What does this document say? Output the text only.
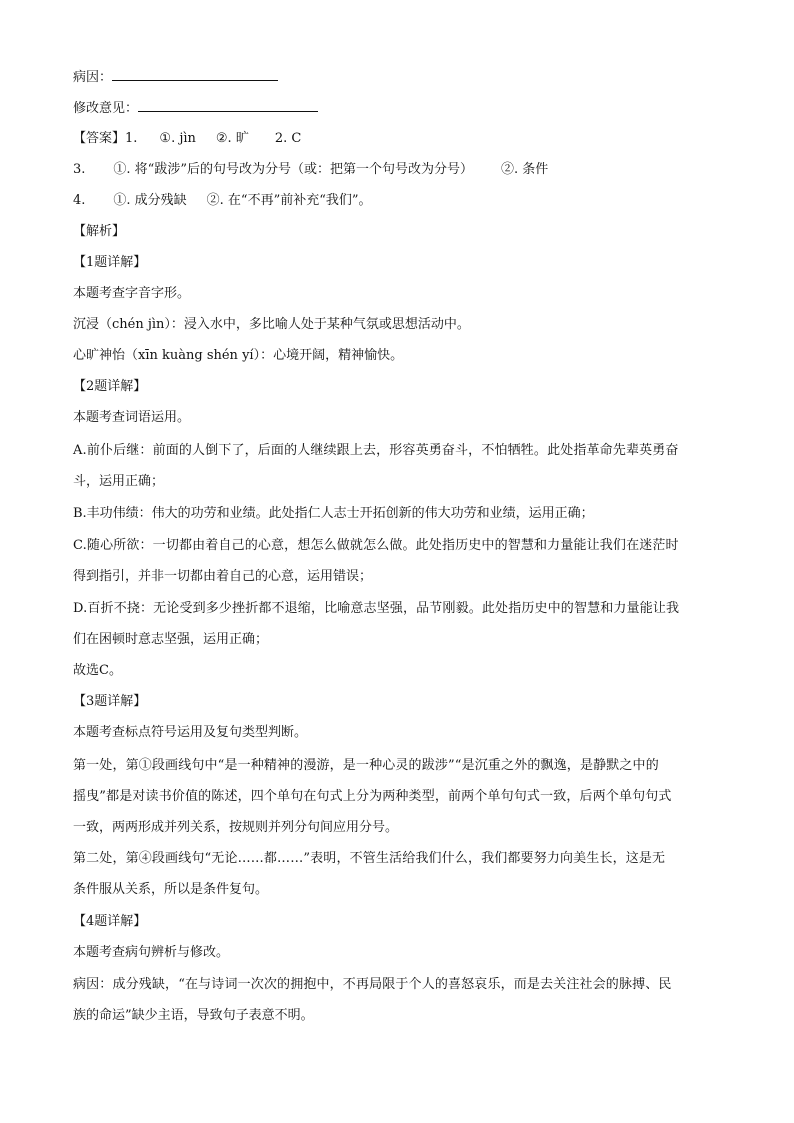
病因：
修改意见：
【答案】1. ①. jìn ②. 旷 2. C
3. ①. 将“跋涉”后的句号改为分号（或：把第一个句号改为分号） ②. 条件
4. ①. 成分残缺 ②. 在“不再”前补充“我们”。
【解析】
【1题详解】
本题考查字音字形。
沉浸（chén jìn）：浸入水中，多比喻人处于某种气氛或思想活动中。
心旷神怡（xīn kuàng shén yí）：心境开阔，精神愉快。
【2题详解】
本题考查词语运用。
A.前仆后继：前面的人倒下了，后面的人继续跟上去，形容英勇奋斗，不怕牺牲。此处指革命先辈英勇奋
斗，运用正确；
B.丰功伟绩：伟大的功劳和业绩。此处指仁人志士开拓创新的伟大功劳和业绩，运用正确；
C.随心所欲：一切都由着自己的心意，想怎么做就怎么做。此处指历史中的智慧和力量能让我们在迷茫时
得到指引，并非一切都由着自己的心意，运用错误；
D.百折不挠：无论受到多少挫折都不退缩，比喻意志坚强，品节刚毅。此处指历史中的智慧和力量能让我
们在困顿时意志坚强，运用正确；
故选C。
【3题详解】
本题考查标点符号运用及复句类型判断。
第一处，第①段画线句中“是一种精神的漫游，是一种心灵的跋涉”“是沉重之外的飘逸，是静默之中的
摇曳”都是对读书价值的陈述，四个单句在句式上分为两种类型，前两个单句句式一致，后两个单句句式
一致，两两形成并列关系，按规则并列分句间应用分号。
第二处，第④段画线句“无论……都……”表明，不管生活给我们什么，我们都要努力向美生长，这是无
条件服从关系，所以是条件复句。
【4题详解】
本题考查病句辨析与修改。
病因：成分残缺，“在与诗词一次次的拥抱中，不再局限于个人的喜怒哀乐，而是去关注社会的脉搏、民
族的命运”缺少主语，导致句子表意不明。
